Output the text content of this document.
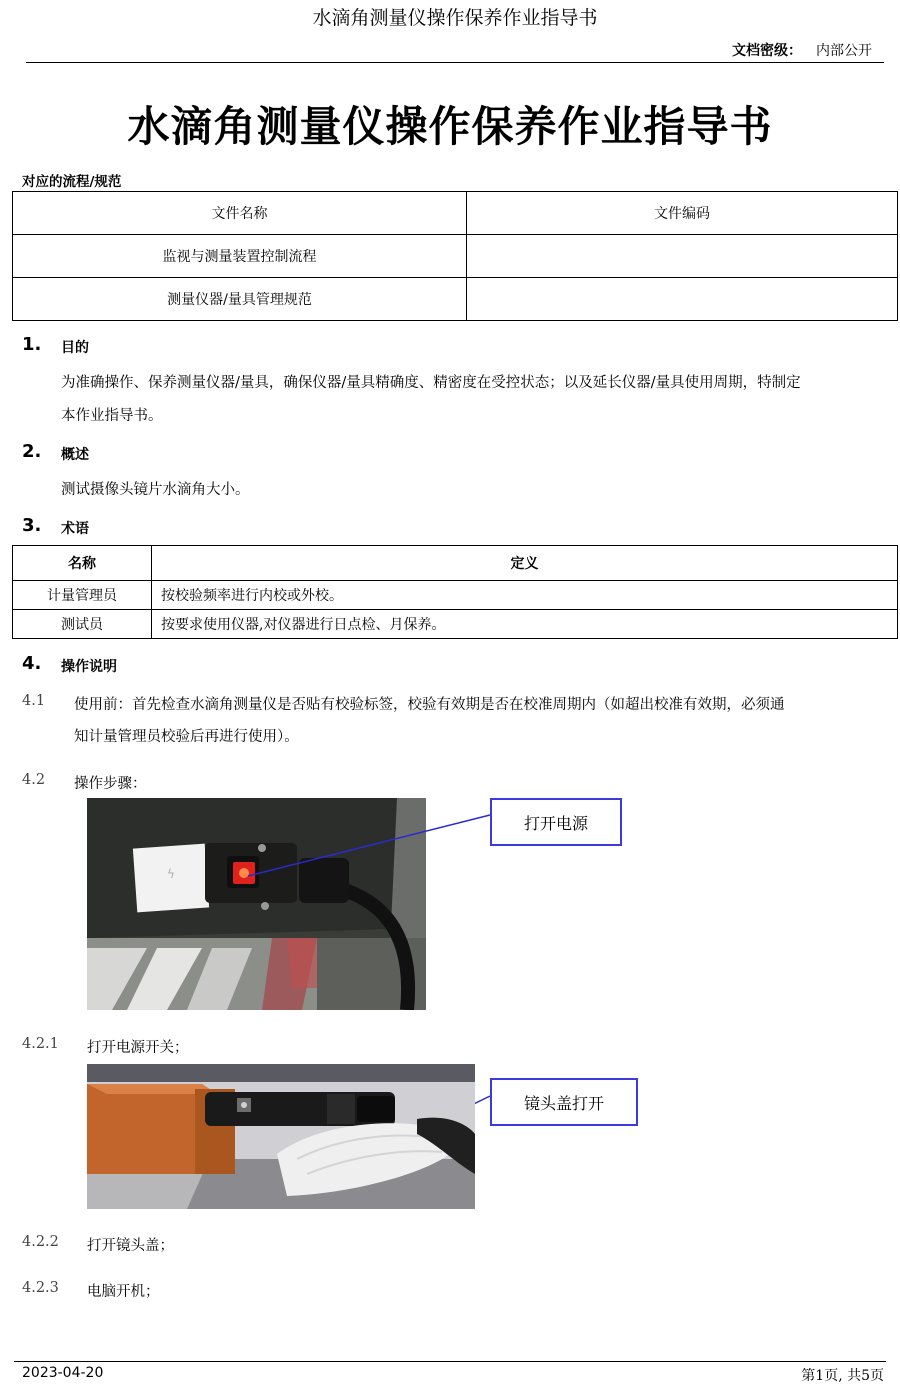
水滴角测量仪操作保养作业指导书
文档密级： 内部公开
水滴角测量仪操作保养作业指导书
对应的流程/规范
文件名称	文件编码
监视与测量装置控制流程	
测量仪器/量具管理规范	
1. 目的
为准确操作、保养测量仪器/量具，确保仪器/量具精确度、精密度在受控状态；以及延长仪器/量具使用周期，特制定
本作业指导书。
2. 概述
测试摄像头镜片水滴角大小。
3. 术语
名称	定义
计量管理员	按校验频率进行内校或外校。
测试员	按要求使用仪器,对仪器进行日点检、月保养。
4. 操作说明
4.1 使用前：首先检查水滴角测量仪是否贴有校验标签，校验有效期是否在校准周期内（如超出校准有效期，必须通
知计量管理员校验后再进行使用）。
4.2 操作步骤：
ϟ
打开电源
4.2.1 打开电源开关；
镜头盖打开
4.2.2 打开镜头盖；
4.2.3 电脑开机；
2023-04-20	第1页, 共5页
